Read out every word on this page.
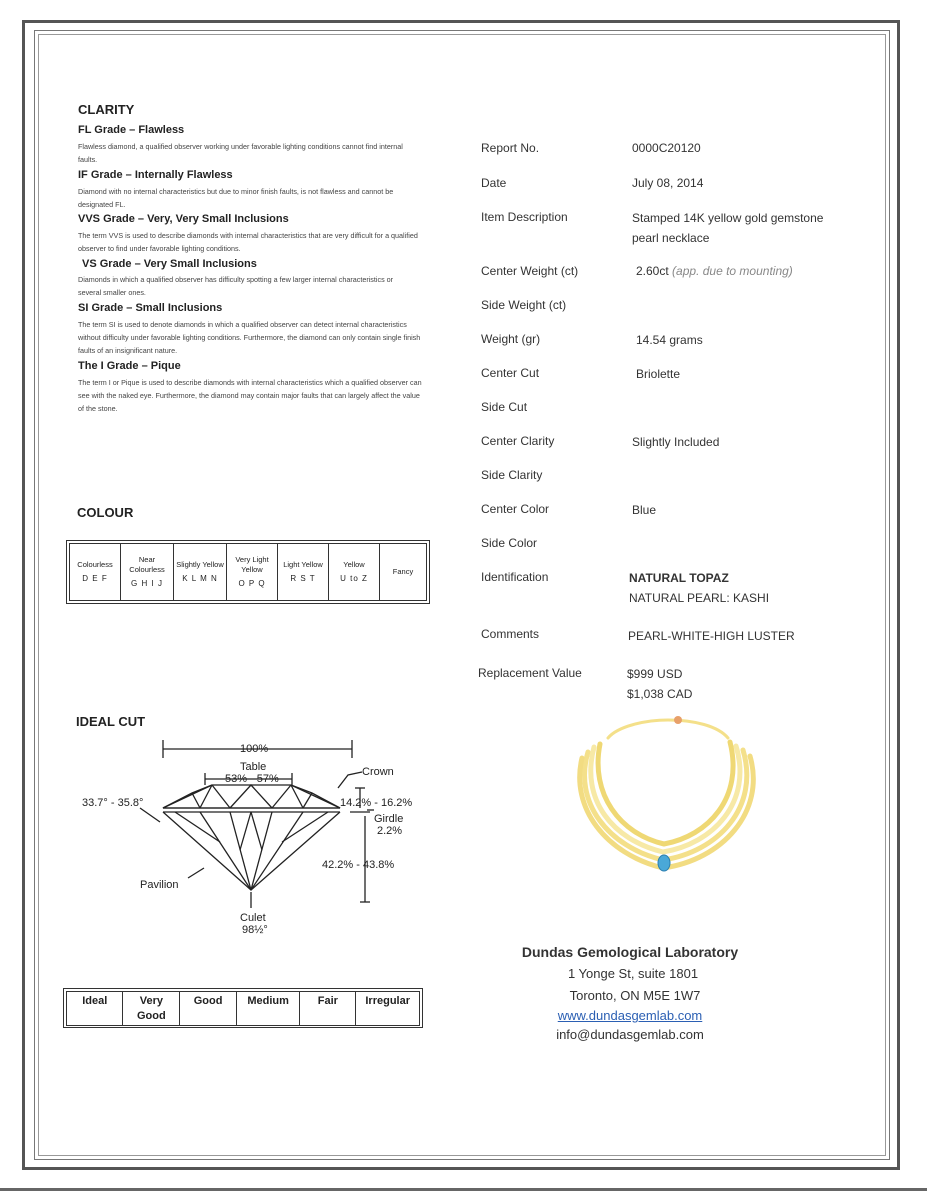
CLARITY
FL Grade – Flawless
Flawless diamond, a qualified observer working under favorable lighting conditions cannot find internal faults.
IF Grade – Internally Flawless
Diamond with no internal characteristics but due to minor finish faults, is not flawless and cannot be designated FL.
VVS Grade – Very, Very Small Inclusions
The term VVS is used to describe diamonds with internal characteristics that are very difficult for a qualified observer to find under favorable lighting conditions.
VS Grade – Very Small Inclusions
Diamonds in which a qualified observer has difficulty spotting a few larger internal characteristics or several smaller ones.
SI Grade – Small Inclusions
The term SI is used to denote diamonds in which a qualified observer can detect internal characteristics without difficulty under favorable lighting conditions. Furthermore, the diamond can only contain single finish faults of an insignificant nature.
The I Grade – Pique
The term I or Pique is used to describe diamonds with internal characteristics which a qualified observer can see with the naked eye. Furthermore, the diamond may contain major faults that can largely affect the value of the stone.
COLOUR
Colourless
D E F
	Near Colourless
G H I J
	Slightly Yellow
K L M N
	Very Light Yellow
O P Q
	Light Yellow
R S T
	Yellow
U to Z
	Fancy
IDEAL CUT
100%
Table
53% - 57%
Crown
33.7° - 35.8°	14.2% - 16.2%
Girdle
2.2%
42.2% - 43.8%
Pavilion
Culet
98½°
Ideal	Very Good	Good	Medium	Fair	Irregular
Report No.	0000C20120
Date	July 08, 2014
Item Description	Stamped 14K yellow gold gemstone pearl necklace
Center Weight (ct)	2.60ct (app. due to mounting)
Side Weight (ct)
Weight (gr)	14.54 grams
Center Cut	Briolette
Side Cut
Center Clarity	Slightly Included
Side Clarity
Center Color	Blue
Side Color
Identification	NATURAL TOPAZ
NATURAL PEARL: KASHI
Comments	PEARL-WHITE-HIGH LUSTER
Replacement Value	$999 USD
$1,038 CAD
Dundas Gemological Laboratory
1 Yonge St, suite 1801
Toronto, ON M5E 1W7
www.dundasgemlab.com
info@dundasgemlab.com
